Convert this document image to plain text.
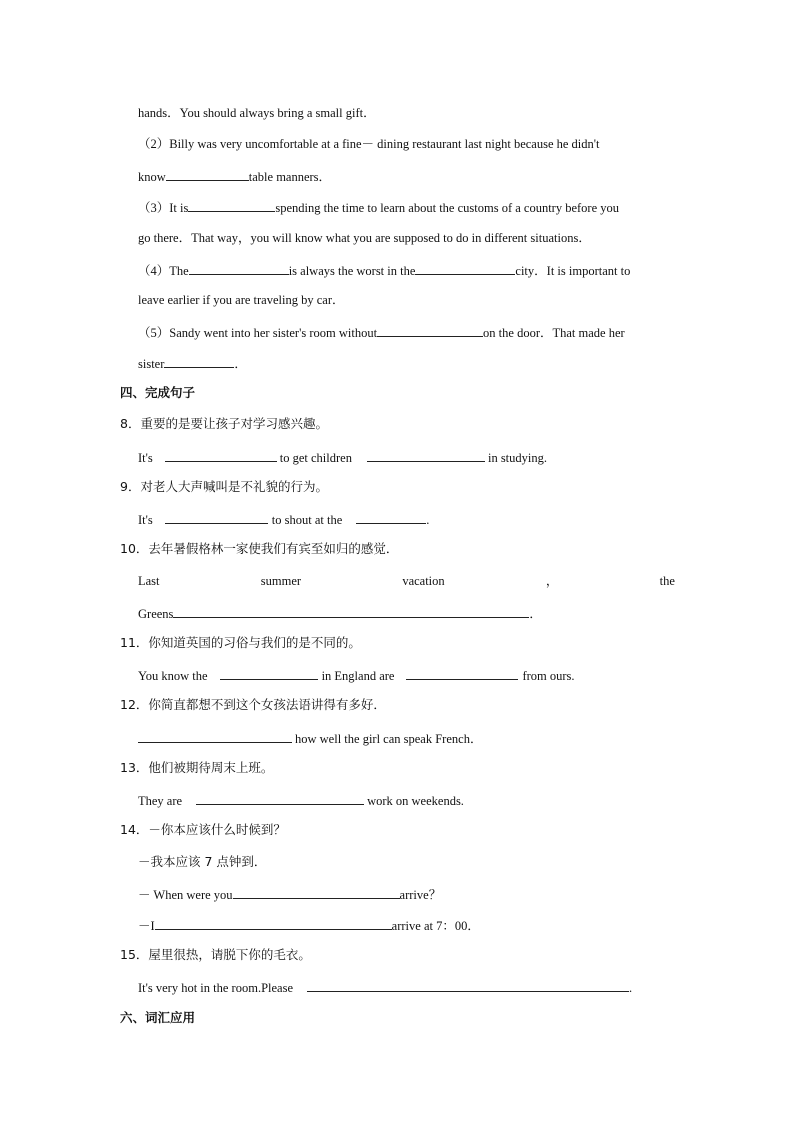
hands．You should always bring a small gift．
（2）Billy was very uncomfortable at a fine－ dining restaurant last night because he didn't
know	table manners．
（3）It is	spending the time to learn about the customs of a country before you
go there．That way，you will know what you are supposed to do in different situations．
（4）The	is always the worst in the	city．It is important to
leave earlier if you are traveling by car．
（5）Sandy went into her sister's room without	on the door．That made her
sister	．
四、完成句子
8．重要的是要让孩子对学习感兴趣。
It's	to get children	in studying.
9．对老人大声喊叫是不礼貌的行为。
It's	to shout at the	.
10．去年暑假格林一家使我们有宾至如归的感觉．
Last	summer	vacation	，	the
Greens	．
11．你知道英国的习俗与我们的是不同的。
You know the	in England are	from ours.
12．你简直都想不到这个女孩法语讲得有多好．
how well the girl can speak French．
13．他们被期待周末上班。
They are	work on weekends.
14．－你本应该什么时候到？
－我本应该 7 点钟到．
－ When were you	arrive？
－I	arrive at 7：00．
15．屋里很热，请脱下你的毛衣。
It's very hot in the room.Please	.
六、词汇应用
